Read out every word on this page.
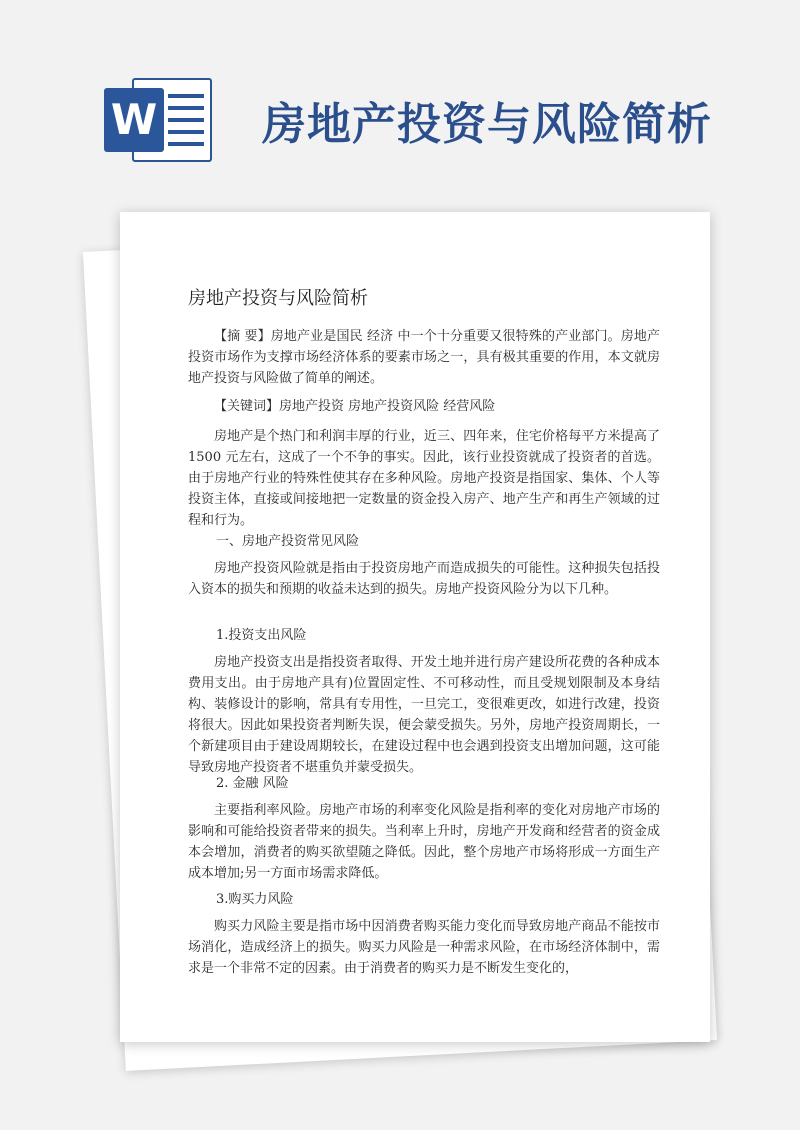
W 房地产投资与风险简析
房地产投资与风险简析
【摘 要】房地产业是国民 经济 中一个十分重要又很特殊的产业部门。房地产投资市场作为支撑市场经济体系的要素市场之一，具有极其重要的作用，本文就房地产投资与风险做了简单的阐述。
【关键词】房地产投资 房地产投资风险 经营风险
房地产是个热门和利润丰厚的行业，近三、四年来，住宅价格每平方米提高了 1500 元左右，这成了一个不争的事实。因此，该行业投资就成了投资者的首选。由于房地产行业的特殊性使其存在多种风险。房地产投资是指国家、集体、个人等投资主体，直接或间接地把一定数量的资金投入房产、地产生产和再生产领域的过程和行为。
一、房地产投资常见风险
房地产投资风险就是指由于投资房地产而造成损失的可能性。这种损失包括投入资本的损失和预期的收益未达到的损失。房地产投资风险分为以下几种。
1.投资支出风险
房地产投资支出是指投资者取得、开发土地并进行房产建设所花费的各种成本费用支出。由于房地产具有)位置固定性、不可移动性，而且受规划限制及本身结构、装修设计的影响，常具有专用性，一旦完工，变很难更改，如进行改建，投资将很大。因此如果投资者判断失误，便会蒙受损失。另外，房地产投资周期长，一个新建项目由于建设周期较长，在建设过程中也会遇到投资支出增加问题，这可能导致房地产投资者不堪重负并蒙受损失。
2. 金融 风险
主要指利率风险。房地产市场的利率变化风险是指利率的变化对房地产市场的影响和可能给投资者带来的损失。当利率上升时，房地产开发商和经营者的资金成本会增加，消费者的购买欲望随之降低。因此，整个房地产市场将形成一方面生产成本增加;另一方面市场需求降低。
3.购买力风险
购买力风险主要是指市场中因消费者购买能力变化而导致房地产商品不能按市场消化，造成经济上的损失。购买力风险是一种需求风险，在市场经济体制中，需求是一个非常不定的因素。由于消费者的购买力是不断发生变化的，
